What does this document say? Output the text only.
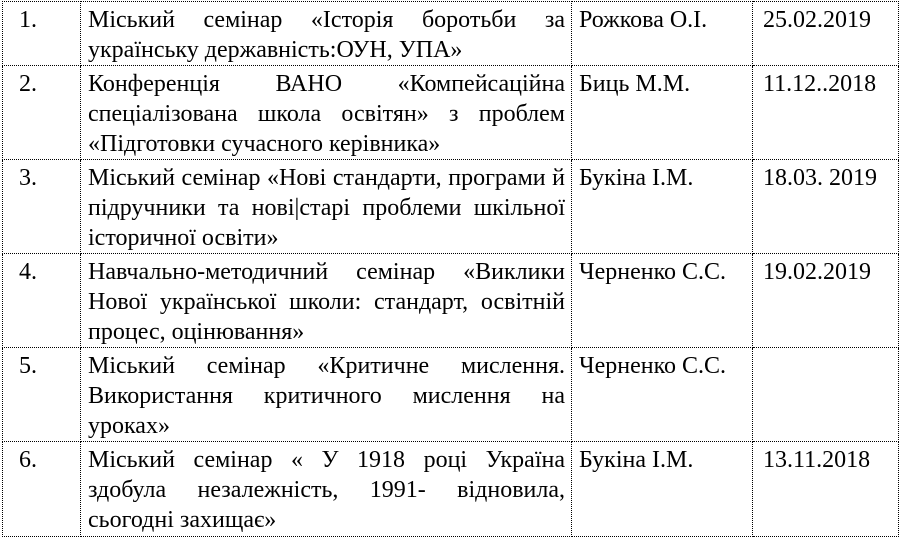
1.	Міський семінар «Історія боротьби за українську державність:ОУН, УПА»	Рожкова О.І.	25.02.2019
2.	Конференція ВАНО «Компейсаційна спеціалізована школа освітян» з проблем «Підготовки сучасного керівника»	Биць М.М.	11.12..2018
3.	Міський семінар «Нові стандарти, програми й підручники та нові|старі проблеми шкільної історичної освіти»	Букіна І.М.	18.03. 2019
4.	Навчально-методичний семінар «Виклики Нової української школи: стандарт, освітній процес, оцінювання»	Черненко С.С.	19.02.2019
5.	Міський семінар «Критичне мислення. Використання критичного мислення на уроках»	Черненко С.С.	
6.	Міський семінар « У 1918 році Україна здобула незалежність, 1991- відновила, сьогодні захищає»	Букіна І.М.	13.11.2018
